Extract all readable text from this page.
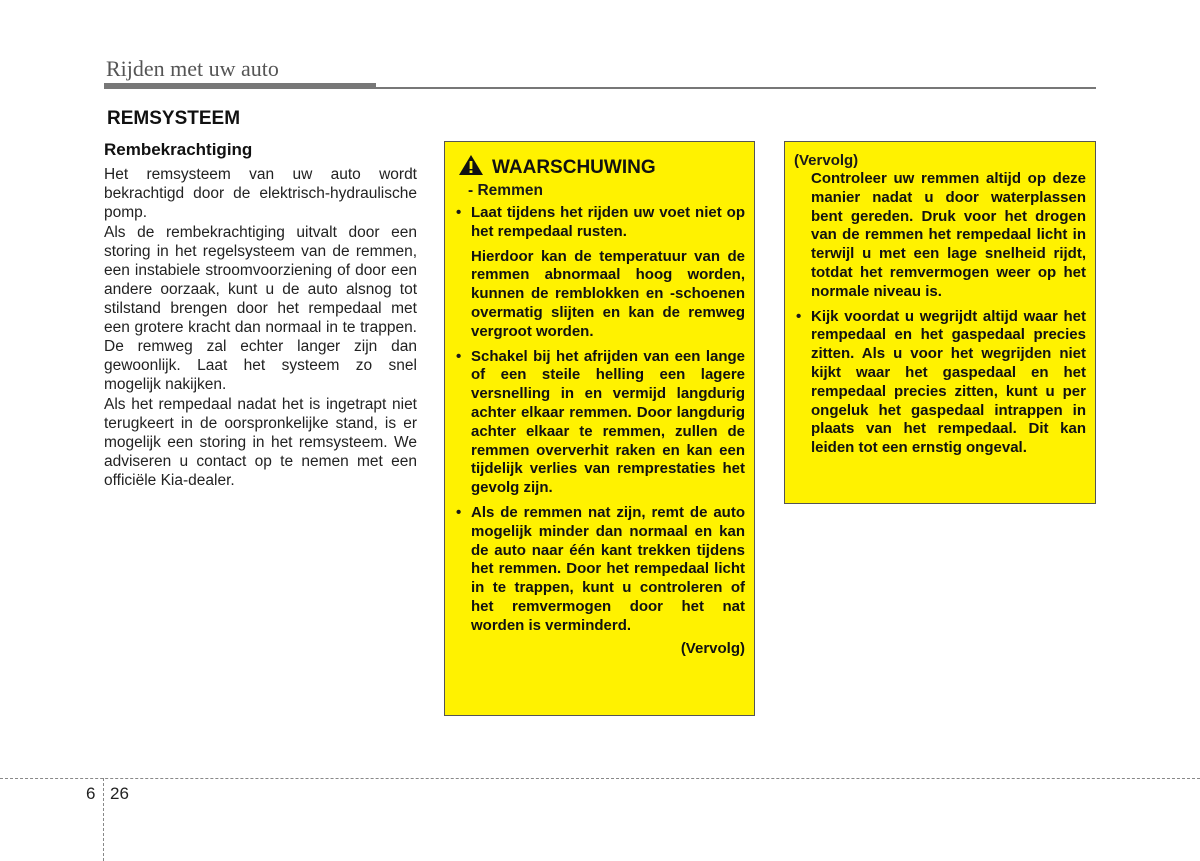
Rijden met uw auto
REMSYSTEEM
Rembekrachtiging

Het remsysteem van uw auto wordt bekrachtigd door de elektrisch-hydraulische pomp.

Als de rembekrachtiging uitvalt door een storing in het regelsysteem van de remmen, een instabiele stroomvoorziening of door een andere oorzaak, kunt u de auto alsnog tot stilstand brengen door het rempedaal met een grotere kracht dan normaal in te trappen. De remweg zal echter langer zijn dan gewoonlijk. Laat het systeem zo snel mogelijk nakijken.

Als het rempedaal nadat het is ingetrapt niet terugkeert in de oorspronkelijke stand, is er mogelijk een storing in het remsysteem. We adviseren u contact op te nemen met een officiële Kia-dealer.

WAARSCHUWING
- Remmen
• Laat tijdens het rijden uw voet niet op het rempedaal rusten.

Hierdoor kan de temperatuur van de remmen abnormaal hoog worden, kunnen de remblokken en -schoenen overmatig slijten en kan de remweg vergroot worden.

• Schakel bij het afrijden van een lange of een steile helling een lagere versnelling in en vermijd langdurig achter elkaar remmen. Door langdurig achter elkaar te remmen, zullen de remmen oververhit raken en kan een tijdelijk verlies van remprestaties het gevolg zijn.

• Als de remmen nat zijn, remt de auto mogelijk minder dan normaal en kan de auto naar één kant trekken tijdens het remmen. Door het rempedaal licht in te trappen, kunt u controleren of het remvermogen door het nat worden is verminderd.

(Vervolg)
(Vervolg)

Controleer uw remmen altijd op deze manier nadat u door waterplassen bent gereden. Druk voor het drogen van de remmen het rempedaal licht in terwijl u met een lage snelheid rijdt, totdat het remvermogen weer op het normale niveau is.

• Kijk voordat u wegrijdt altijd waar het rempedaal en het gaspedaal precies zitten. Als u voor het wegrijden niet kijkt waar het gaspedaal en het rempedaal precies zitten, kunt u per ongeluk het gaspedaal intrappen in plaats van het rempedaal. Dit kan leiden tot een ernstig ongeval.

6 26
